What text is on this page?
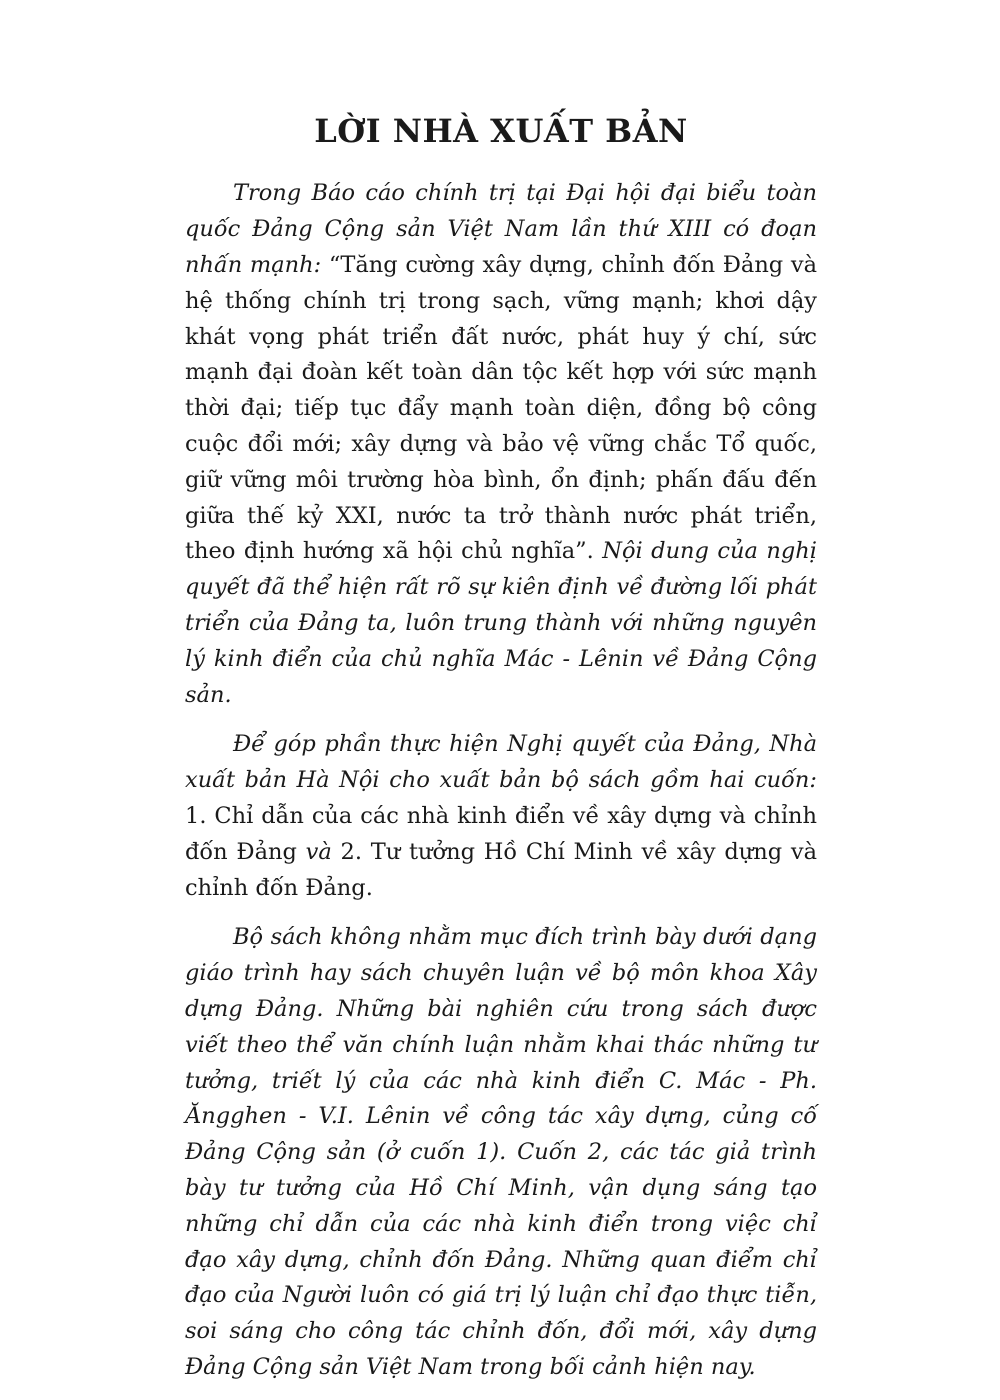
LỜI NHÀ XUẤT BẢN

Trong Báo cáo chính trị tại Đại hội đại biểu toàn quốc Đảng Cộng sản Việt Nam lần thứ XIII có đoạn nhấn mạnh: “Tăng cường xây dựng, chỉnh đốn Đảng và hệ thống chính trị trong sạch, vững mạnh; khơi dậy khát vọng phát triển đất nước, phát huy ý chí, sức mạnh đại đoàn kết toàn dân tộc kết hợp với sức mạnh thời đại; tiếp tục đẩy mạnh toàn diện, đồng bộ công cuộc đổi mới; xây dựng và bảo vệ vững chắc Tổ quốc, giữ vững môi trường hòa bình, ổn định; phấn đấu đến giữa thế kỷ XXI, nước ta trở thành nước phát triển, theo định hướng xã hội chủ nghĩa”. Nội dung của nghị quyết đã thể hiện rất rõ sự kiên định về đường lối phát triển của Đảng ta, luôn trung thành với những nguyên lý kinh điển của chủ nghĩa Mác - Lênin về Đảng Cộng sản.

Để góp phần thực hiện Nghị quyết của Đảng, Nhà xuất bản Hà Nội cho xuất bản bộ sách gồm hai cuốn: 1. Chỉ dẫn của các nhà kinh điển về xây dựng và chỉnh đốn Đảng và 2. Tư tưởng Hồ Chí Minh về xây dựng và chỉnh đốn Đảng.

Bộ sách không nhằm mục đích trình bày dưới dạng giáo trình hay sách chuyên luận về bộ môn khoa Xây dựng Đảng. Những bài nghiên cứu trong sách được viết theo thể văn chính luận nhằm khai thác những tư tưởng, triết lý của các nhà kinh điển C. Mác - Ph. Ăngghen - V.I. Lênin về công tác xây dựng, củng cố Đảng Cộng sản (ở cuốn 1). Cuốn 2, các tác giả trình bày tư tưởng của Hồ Chí Minh, vận dụng sáng tạo những chỉ dẫn của các nhà kinh điển trong việc chỉ đạo xây dựng, chỉnh đốn Đảng. Những quan điểm chỉ đạo của Người luôn có giá trị lý luận chỉ đạo thực tiễn, soi sáng cho công tác chỉnh đốn, đổi mới, xây dựng Đảng Cộng sản Việt Nam trong bối cảnh hiện nay.
